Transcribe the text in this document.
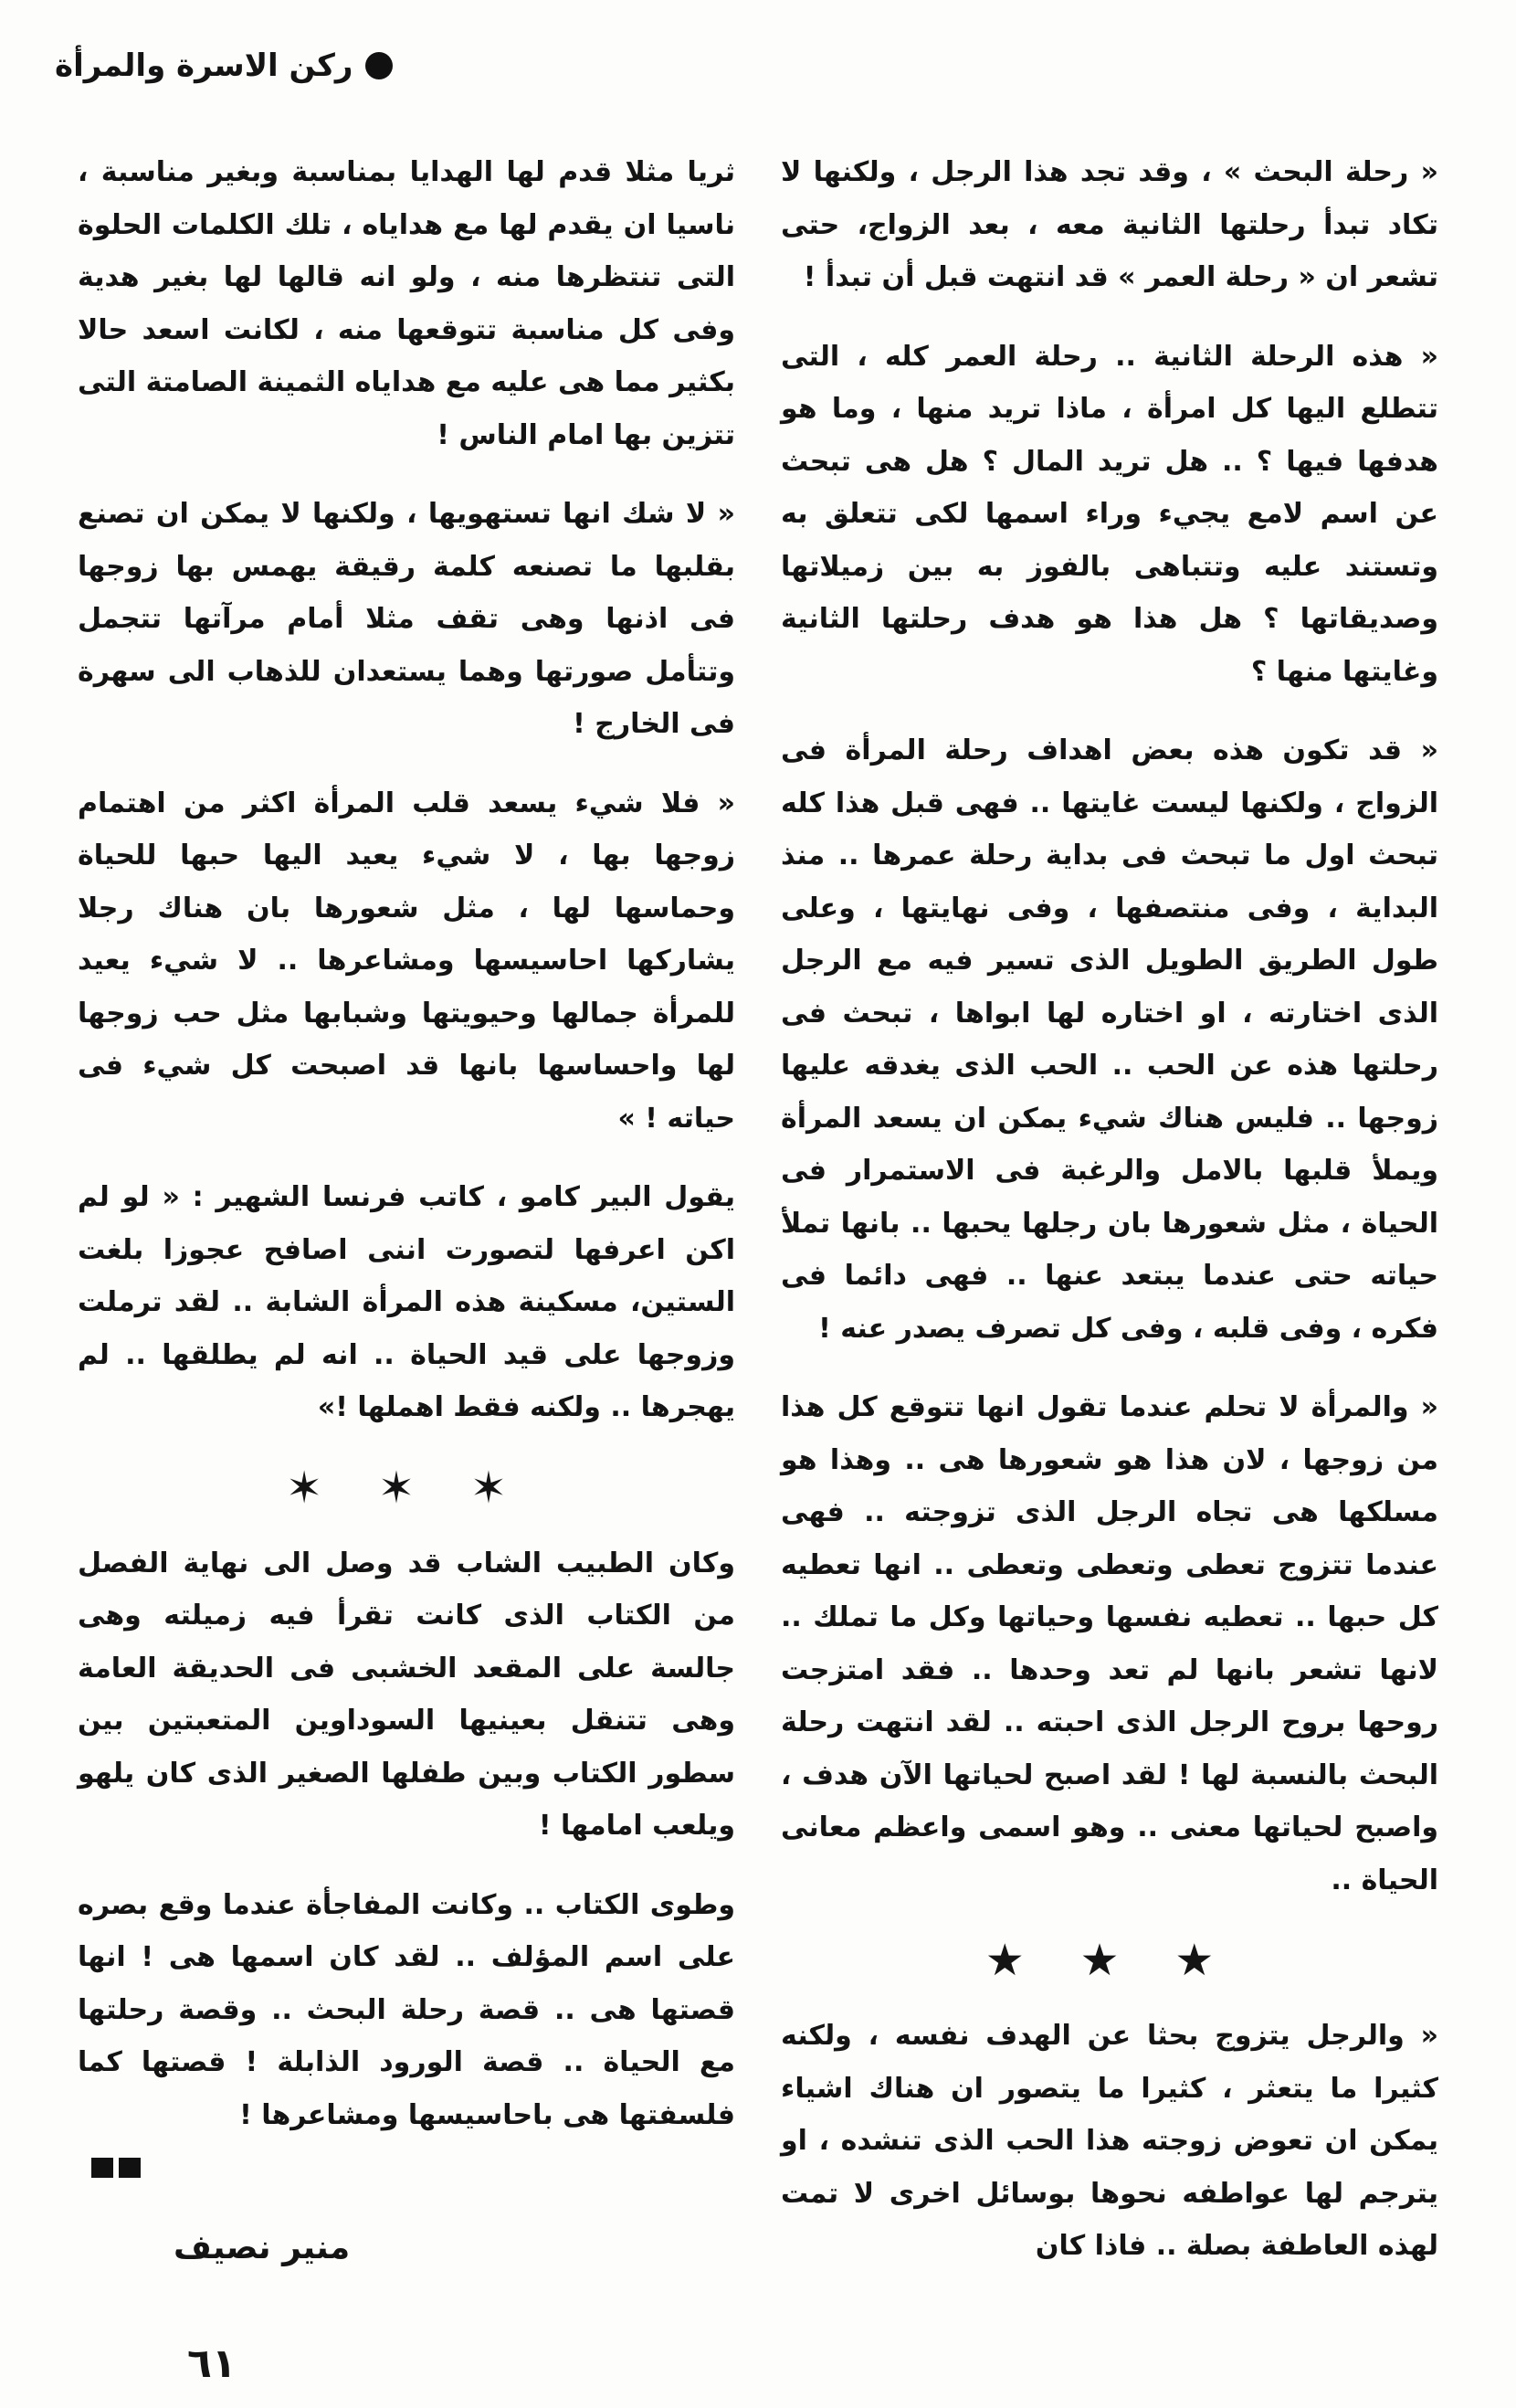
ركن الاسرة والمرأة

« رحلة البحث » ، وقد تجد هذا الرجل ، ولكنها لا تكاد تبدأ رحلتها الثانية معه ، بعد الزواج، حتى تشعر ان « رحلة العمر » قد انتهت قبل أن تبدأ !

« هذه الرحلة الثانية .. رحلة العمر كله ، التى تتطلع اليها كل امرأة ، ماذا تريد منها ، وما هو هدفها فيها ؟ .. هل تريد المال ؟ هل هى تبحث عن اسم لامع يجيء وراء اسمها لكى تتعلق به وتستند عليه وتتباهى بالفوز به بين زميلاتها وصديقاتها ؟ هل هذا هو هدف رحلتها الثانية وغايتها منها ؟

« قد تكون هذه بعض اهداف رحلة المرأة فى الزواج ، ولكنها ليست غايتها .. فهى قبل هذا كله تبحث اول ما تبحث فى بداية رحلة عمرها .. منذ البداية ، وفى منتصفها ، وفى نهايتها ، وعلى طول الطريق الطويل الذى تسير فيه مع الرجل الذى اختارته ، او اختاره لها ابواها ، تبحث فى رحلتها هذه عن الحب .. الحب الذى يغدقه عليها زوجها .. فليس هناك شيء يمكن ان يسعد المرأة ويملأ قلبها بالامل والرغبة فى الاستمرار فى الحياة ، مثل شعورها بان رجلها يحبها .. بانها تملأ حياته حتى عندما يبتعد عنها .. فهى دائما فى فكره ، وفى قلبه ، وفى كل تصرف يصدر عنه !

« والمرأة لا تحلم عندما تقول انها تتوقع كل هذا من زوجها ، لان هذا هو شعورها هى .. وهذا هو مسلكها هى تجاه الرجل الذى تزوجته .. فهى عندما تتزوج تعطى وتعطى وتعطى .. انها تعطيه كل حبها .. تعطيه نفسها وحياتها وكل ما تملك .. لانها تشعر بانها لم تعد وحدها .. فقد امتزجت روحها بروح الرجل الذى احبته .. لقد انتهت رحلة البحث بالنسبة لها ! لقد اصبح لحياتها الآن هدف ، واصبح لحياتها معنى .. وهو اسمى واعظم معانى الحياة ..

★ ★ ★

« والرجل يتزوج بحثا عن الهدف نفسه ، ولكنه كثيرا ما يتعثر ، كثيرا ما يتصور ان هناك اشياء يمكن ان تعوض زوجته هذا الحب الذى تنشده ، او يترجم لها عواطفه نحوها بوسائل اخرى لا تمت لهذه العاطفة بصلة .. فاذا كان

ثريا مثلا قدم لها الهدايا بمناسبة وبغير مناسبة ، ناسيا ان يقدم لها مع هداياه ، تلك الكلمات الحلوة التى تنتظرها منه ، ولو انه قالها لها بغير هدية وفى كل مناسبة تتوقعها منه ، لكانت اسعد حالا بكثير مما هى عليه مع هداياه الثمينة الصامتة التى تتزين بها امام الناس !

« لا شك انها تستهويها ، ولكنها لا يمكن ان تصنع بقلبها ما تصنعه كلمة رقيقة يهمس بها زوجها فى اذنها وهى تقف مثلا أمام مرآتها تتجمل وتتأمل صورتها وهما يستعدان للذهاب الى سهرة فى الخارج !

« فلا شيء يسعد قلب المرأة اكثر من اهتمام زوجها بها ، لا شيء يعيد اليها حبها للحياة وحماسها لها ، مثل شعورها بان هناك رجلا يشاركها احاسيسها ومشاعرها .. لا شيء يعيد للمرأة جمالها وحيويتها وشبابها مثل حب زوجها لها واحساسها بانها قد اصبحت كل شيء فى حياته ! »

يقول البير كامو ، كاتب فرنسا الشهير : « لو لم اكن اعرفها لتصورت اننى اصافح عجوزا بلغت الستين، مسكينة هذه المرأة الشابة .. لقد ترملت وزوجها على قيد الحياة .. انه لم يطلقها .. لم يهجرها .. ولكنه فقط اهملها !»

✶ ✶ ✶

وكان الطبيب الشاب قد وصل الى نهاية الفصل من الكتاب الذى كانت تقرأ فيه زميلته وهى جالسة على المقعد الخشبى فى الحديقة العامة وهى تتنقل بعينيها السوداوين المتعبتين بين سطور الكتاب وبين طفلها الصغير الذى كان يلهو ويلعب امامها !

وطوى الكتاب .. وكانت المفاجأة عندما وقع بصره على اسم المؤلف .. لقد كان اسمها هى ! انها قصتها هى .. قصة رحلة البحث .. وقصة رحلتها مع الحياة .. قصة الورود الذابلة ! قصتها كما فلسفتها هى باحاسيسها ومشاعرها !

منير نصيف
٦١
